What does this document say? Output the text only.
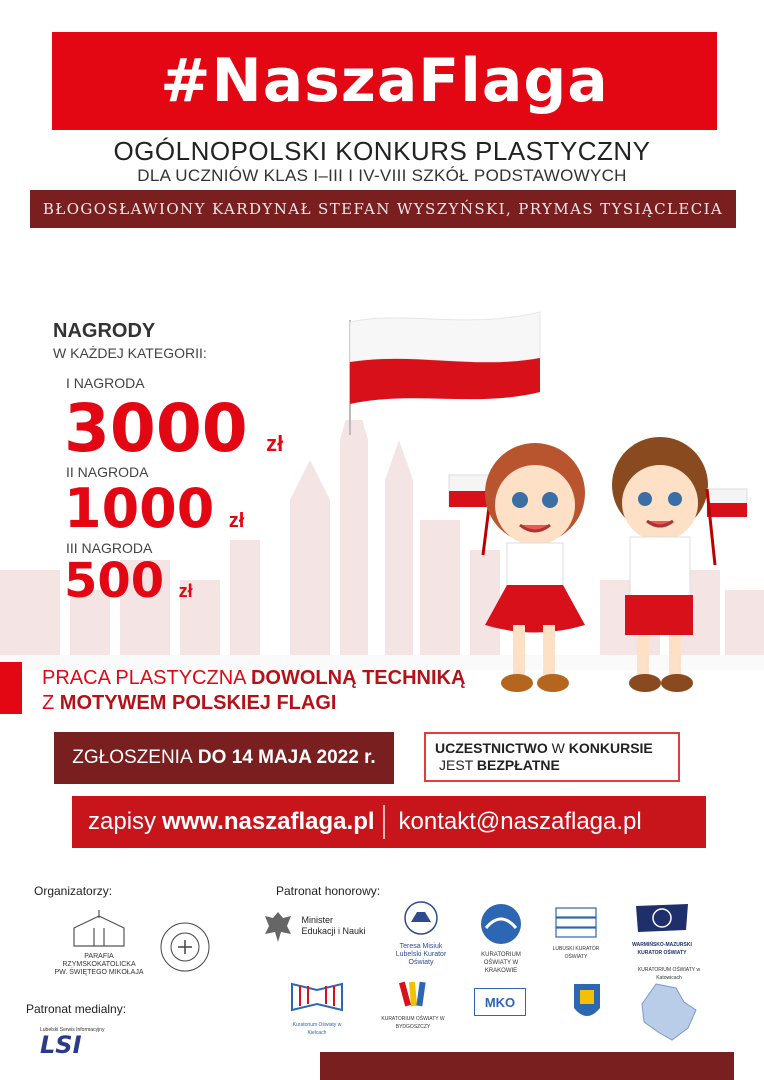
#NaszaFlaga
OGÓLNOPOLSKI KONKURS PLASTYCZNY
DLA UCZNIÓW KLAS I–III I IV-VIII SZKÓŁ PODSTAWOWYCH
BŁOGOSŁAWIONY KARDYNAŁ STEFAN WYSZYŃSKI, PRYMAS TYSIĄCLECIA
NAGRODY
W KAŻDEJ KATEGORII:
I NAGRODA
3000 zł
II NAGRODA
1000 zł
III NAGRODA
500 zł
PRACA PLASTYCZNA DOWOLNĄ TECHNIKĄ
Z MOTYWEM POLSKIEJ FLAGI
ZGŁOSZENIA
DO 14 MAJA 2022 r.	UCZESTNICTWO W KONKURSIE
JEST BEZPŁATNE
zapisy www.naszaflaga.pl kontakt@naszaflaga.pl
Organizatorzy:	Patronat honorowy:
Patronat medialny:
PARAFIA RZYMSKOKATOLICKA
PW. ŚWIĘTEGO MIKOŁAJA

Minister
Edukacji i Nauki
Teresa Misiuk
Lubelski Kurator Oświaty
KURATORIUM OŚWIATY W KRAKOWIE
LUBUSKI KURATOR OŚWIATY
WARMIŃSKO-MAZURSKI KURATOR OŚWIATY
Kuratorium Oświaty w Kielcach
KURATORIUM OŚWIATY W BYDGOSZCZY
MKO
KURATORIUM OŚWIATY w Katowicach
Lubelski Serwis Informacyjny
LSI
